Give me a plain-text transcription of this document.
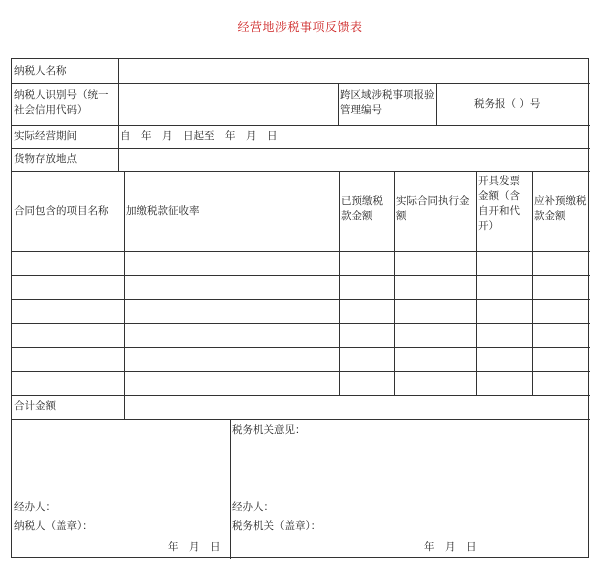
经营地涉税事项反馈表
纳税人名称
纳税人识别号（统一社会信用代码）
跨区域涉税事项报验管理编号	税务报（ ）号
实际经营期间	自　年　月　日起至　年　月　日
货物存放地点
合同包含的项目名称 加缴税款征收率
已预缴税款金额
实际合同执行金额
开具发票金额（含自开和代开）
应补预缴税款金额
合计金额
税务机关意见：
经办人：
纳税人（盖章）：
年　月　日
经办人：
税务机关（盖章）：
年　月　日
